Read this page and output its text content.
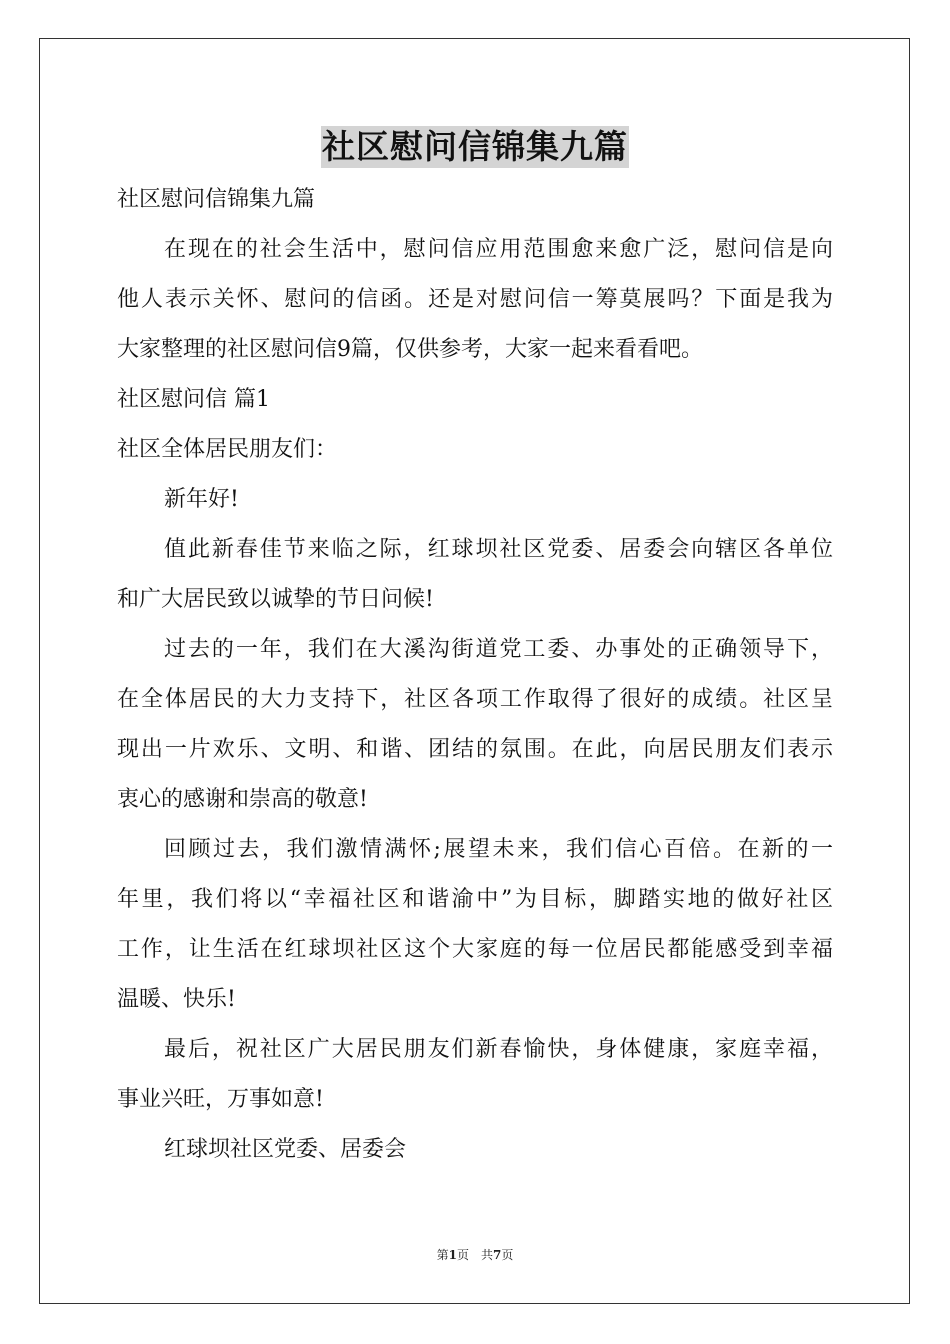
社区慰问信锦集九篇
社区慰问信锦集九篇
在现在的社会生活中，慰问信应用范围愈来愈广泛，慰问信是向
他人表示关怀、慰问的信函。还是对慰问信一筹莫展吗？下面是我为
大家整理的社区慰问信9篇，仅供参考，大家一起来看看吧。
社区慰问信 篇1
社区全体居民朋友们：
新年好!
值此新春佳节来临之际，红球坝社区党委、居委会向辖区各单位
和广大居民致以诚挚的节日问候!
过去的一年，我们在大溪沟街道党工委、办事处的正确领导下，
在全体居民的大力支持下，社区各项工作取得了很好的成绩。社区呈
现出一片欢乐、文明、和谐、团结的氛围。在此，向居民朋友们表示
衷心的感谢和崇高的敬意!
回顾过去，我们激情满怀;展望未来，我们信心百倍。在新的一
年里，我们将以“幸福社区和谐渝中”为目标，脚踏实地的做好社区
工作，让生活在红球坝社区这个大家庭的每一位居民都能感受到幸福
温暖、快乐!
最后，祝社区广大居民朋友们新春愉快，身体健康，家庭幸福，
事业兴旺，万事如意!
红球坝社区党委、居委会
第1页　共7页
